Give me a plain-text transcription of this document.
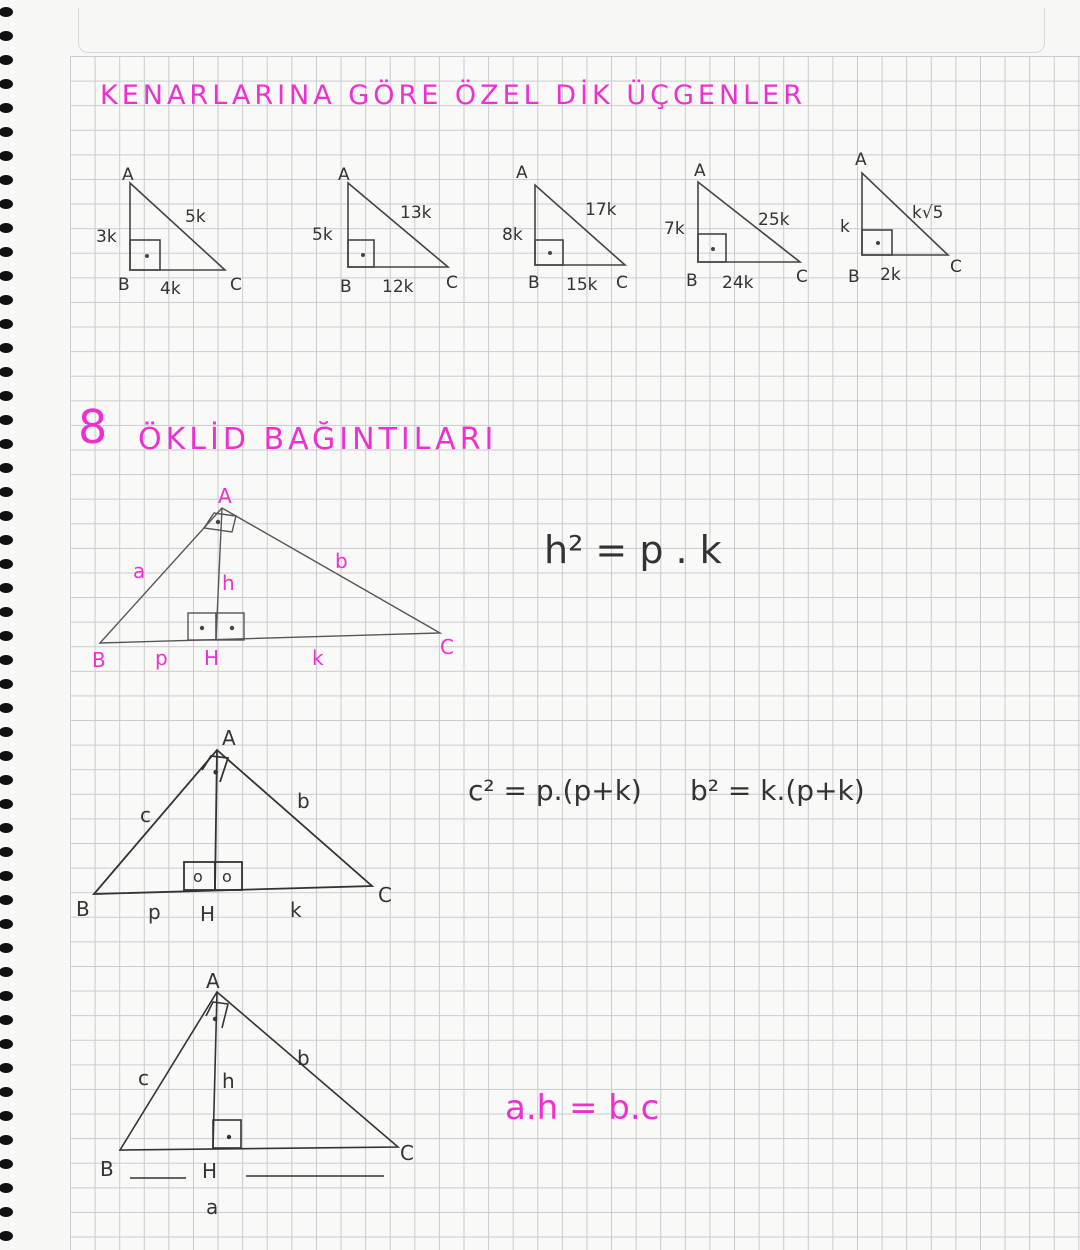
KENARLARINA GÖRE ÖZEL DİK ÜÇGENLER
A
3k
5k
B 4k	C
A
5k
13k
B 12k C
A
8k
17k
B 15k C
A
7k	25k
B 24k	C
A
k
k√5
B 2k	C
8 ÖKLİD BAĞINTILARI
A
a	b
h
B p H	k	C
h² = p . k
A
c
b
B	p H	k
C
o o
•
c² = p.(p+k) b² = k.(p+k)
A
c
b
h
B	H
C
a
a.h = b.c
